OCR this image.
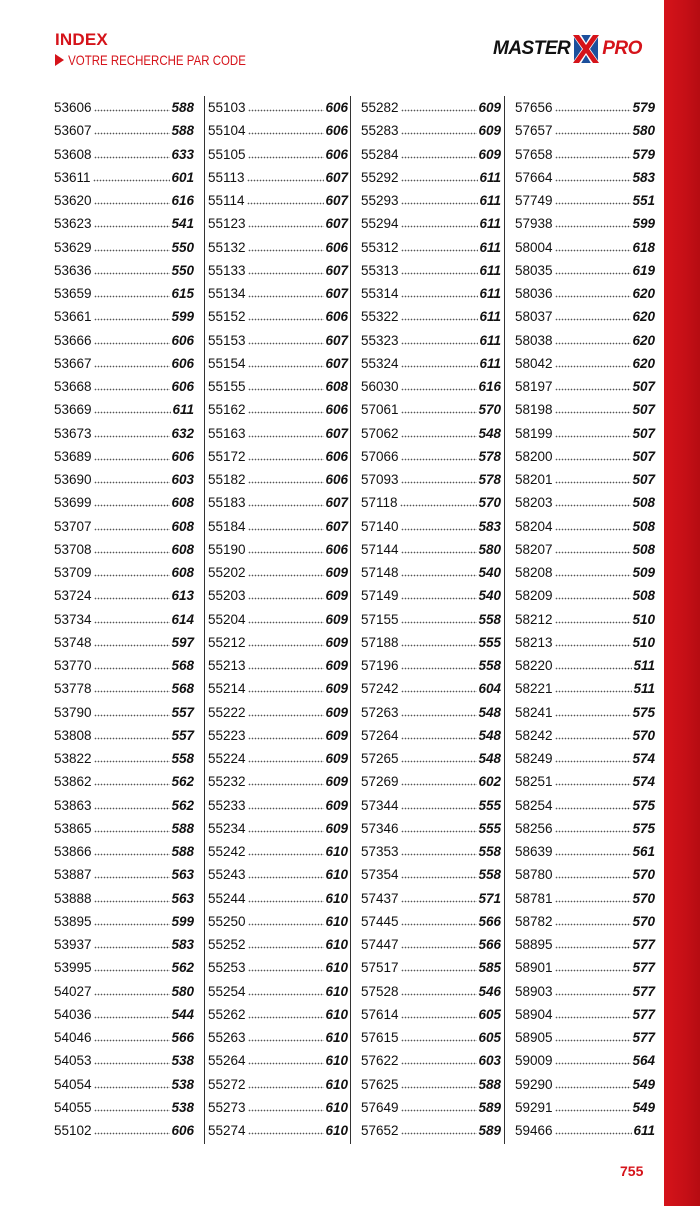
INDEX
VOTRE RECHERCHE PAR CODE
MASTER PRO
53606	588
53607	588
53608	633
53611	601
53620	616
53623	541
53629	550
53636	550
53659	615
53661	599
53666	606
53667	606
53668	606
53669	611
53673	632
53689	606
53690	603
53699	608
53707	608
53708	608
53709	608
53724	613
53734	614
53748	597
53770	568
53778	568
53790	557
53808	557
53822	558
53862	562
53863	562
53865	588
53866	588
53887	563
53888	563
53895	599
53937	583
53995	562
54027	580
54036	544
54046	566
54053	538
54054	538
54055	538
55102	606
55103	606
55104	606
55105	606
55113	607
55114	607
55123	607
55132	606
55133	607
55134	607
55152	606
55153	607
55154	607
55155	608
55162	606
55163	607
55172	606
55182	606
55183	607
55184	607
55190	606
55202	609
55203	609
55204	609
55212	609
55213	609
55214	609
55222	609
55223	609
55224	609
55232	609
55233	609
55234	609
55242	610
55243	610
55244	610
55250	610
55252	610
55253	610
55254	610
55262	610
55263	610
55264	610
55272	610
55273	610
55274	610
55282	609
55283	609
55284	609
55292	611
55293	611
55294	611
55312	611
55313	611
55314	611
55322	611
55323	611
55324	611
56030	616
57061	570
57062	548
57066	578
57093	578
57118	570
57140	583
57144	580
57148	540
57149	540
57155	558
57188	555
57196	558
57242	604
57263	548
57264	548
57265	548
57269	602
57344	555
57346	555
57353	558
57354	558
57437	571
57445	566
57447	566
57517	585
57528	546
57614	605
57615	605
57622	603
57625	588
57649	589
57652	589
57656	579
57657	580
57658	579
57664	583
57749	551
57938	599
58004	618
58035	619
58036	620
58037	620
58038	620
58042	620
58197	507
58198	507
58199	507
58200	507
58201	507
58203	508
58204	508
58207	508
58208	509
58209	508
58212	510
58213	510
58220	511
58221	511
58241	575
58242	570
58249	574
58251	574
58254	575
58256	575
58639	561
58780	570
58781	570
58782	570
58895	577
58901	577
58903	577
58904	577
58905	577
59009	564
59290	549
59291	549
59466	611
755
